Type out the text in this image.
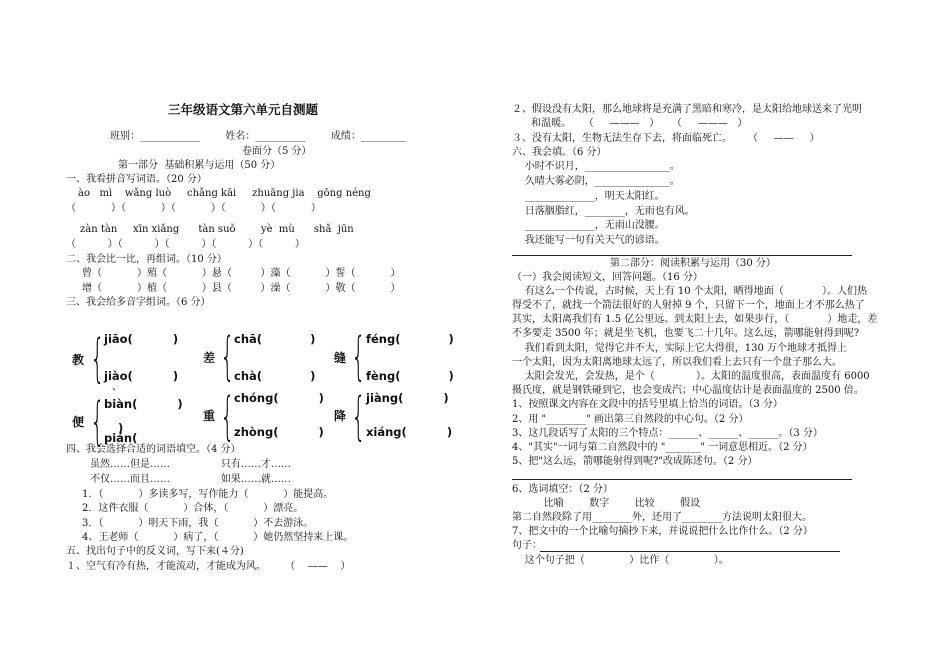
三年级语文第六单元自测题
班别：____________        姓名：__________        成绩：_________
卷面分（5 分）
第一部分  基础积累与运用（50 分）
一、我看拼音写词语。（20 分）
ào   mì    wǎng luò     chǎng kāi     zhuāng jia    gōng néng
（           ）（           ）（           ）（           ）（           ）
zàn tàn     xīn xiǎng      tàn suǒ        yè  mù      shǎ  jūn
（          ）（          ）（          ）（          ）（          ）
二、我会比一比，再组词。（10 分）
曾（           ）殖（           ）悬（         ）藻（           ）誓（           ）
增（           ）植（           ）县（         ）澡（           ）敬（           ）
三、我会给多音字组词。（6 分）
教 { jiāo(          )
jiào(          )
、
差 { chā(            )
chà(            )
缝 { féng(            )
fèng(            )
便 { biàn(          )
pián(
)
重 { chóng(          )
zhòng(          )
降 { jiàng(          )
xiáng(          )
四、我会选择合适的词语填空。（4 分）
虽然……但是……                只有……才……
不仅……而且……                如果……就……
1．（           ）多读多写，写作能力（           ）能提高。
2．这件衣服（           ）合体，（           ）漂亮。
3．（           ）明天下雨，我（           ）不去游泳。
4、王老师（           ）病了，（           ）她仍然坚持来上课。
五、找出句子中的反义词，写下来(４分)
１、空气有冷有热，才能流动，才能成为风。      （    ——    ）
２、假设没有太阳，那么地球将是充满了黑暗和寒冷，是太阳给地球送来了光明
和温暖。    （     ———   ）    （     ———   ）
３、没有太阳，生物无法生存下去，将面临死亡。     （     ——     ）
六、我会填。（6 分）
小时不识月，_________________。
久晴大雾必阴，_______________。
______________，明天太阳红。
日落胭脂红，________，无雨也有风。
______________，无雨山没腰。
我还能写一句有关天气的谚语。
第二部分：阅读积累与运用（30 分）
（一）我会阅读短文，回答问题。（16 分）
有这么一个传说，古时候，天上有 10 个太阳，晒得地面（            ）。人们热
得受不了，就找一个箭法很好的人射掉 9 个，只留下一个，地面上才不那么热了
其实，太阳离我们有 1.5 亿公里远。到太阳上去，如果步行，（            ）地走，差
不多要走 3500 年；就是坐飞机，也要飞二十几年。这么远，箭哪能射得到呢?
我们看到太阳，觉得它并不大，实际上它大得很，130 万个地球才抵得上
一个太阳，因为太阳离地球太远了，所以我们看上去只有一个盘子那么大。
太阳会发光，会发热，是个（             ）。太阳的温度很高，表面温度有 6000
摄氏度，就是钢铁碰到它，也会变成汽；中心温度估计是表面温度的 2500 倍。
1、按照课文内容在文段中的括号里填上恰当的词语。（3 分）
2、用 "________" 画出第三自然段的中心句。（2 分）
3、这几段话写了太阳的三个特点：______、______、______。（3 分）
4、"其实"一词与第二自然段中的 "_______" 一词意思相近。（2 分）
5、把"这么远，箭哪能射得到呢?"改成陈述句。（2 分）
6、选词填空：（2 分）
比喻        数字        比较        假设
第二自然段除了用________外，还用了________方法说明太阳很大。
7、把文中的一个比喻句摘抄下来，并说说把什么比作什么。（2 分）
句子：
这个句子把（              ）比作（              ）。
